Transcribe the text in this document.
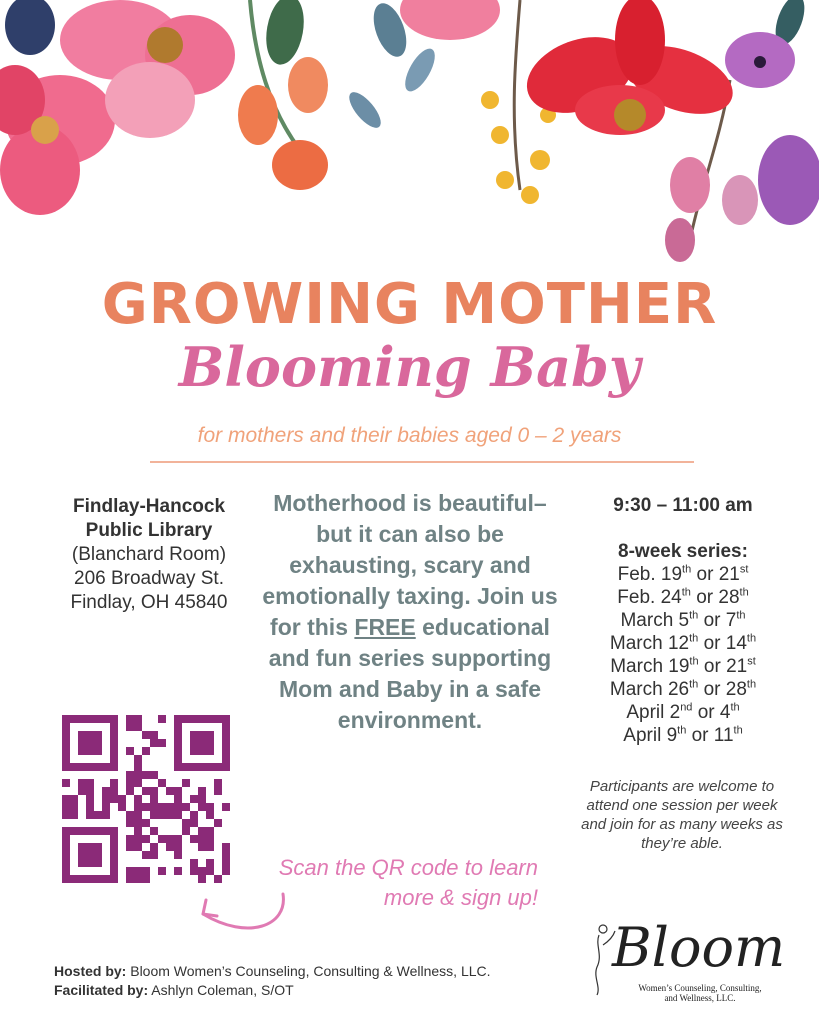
GROWING MOTHER
Blooming Baby
for mothers and their babies aged 0 – 2 years
Findlay-Hancock
Public Library
(Blanchard Room)
206 Broadway St.
Findlay, OH 45840
Motherhood is beautiful–but it can also be exhausting, scary and emotionally taxing. Join us for this FREE educational and fun series supporting Mom and Baby in a safe environment.
9:30 – 11:00 am
8-week series:
Feb. 19th or 21st
Feb. 24th or 28th
March 5th or 7th
March 12th or 14th
March 19th or 21st
March 26th or 28th
April 2nd or 4th
April 9th or 11th
Participants are welcome to attend one session per week and join for as many weeks as they’re able.
Scan the QR code to learn
more & sign up!
Hosted by: Bloom Women’s Counseling, Consulting & Wellness, LLC.
Facilitated by: Ashlyn Coleman, S/OT
Bloom
Women’s Counseling, Consulting,
and Wellness, LLC.
